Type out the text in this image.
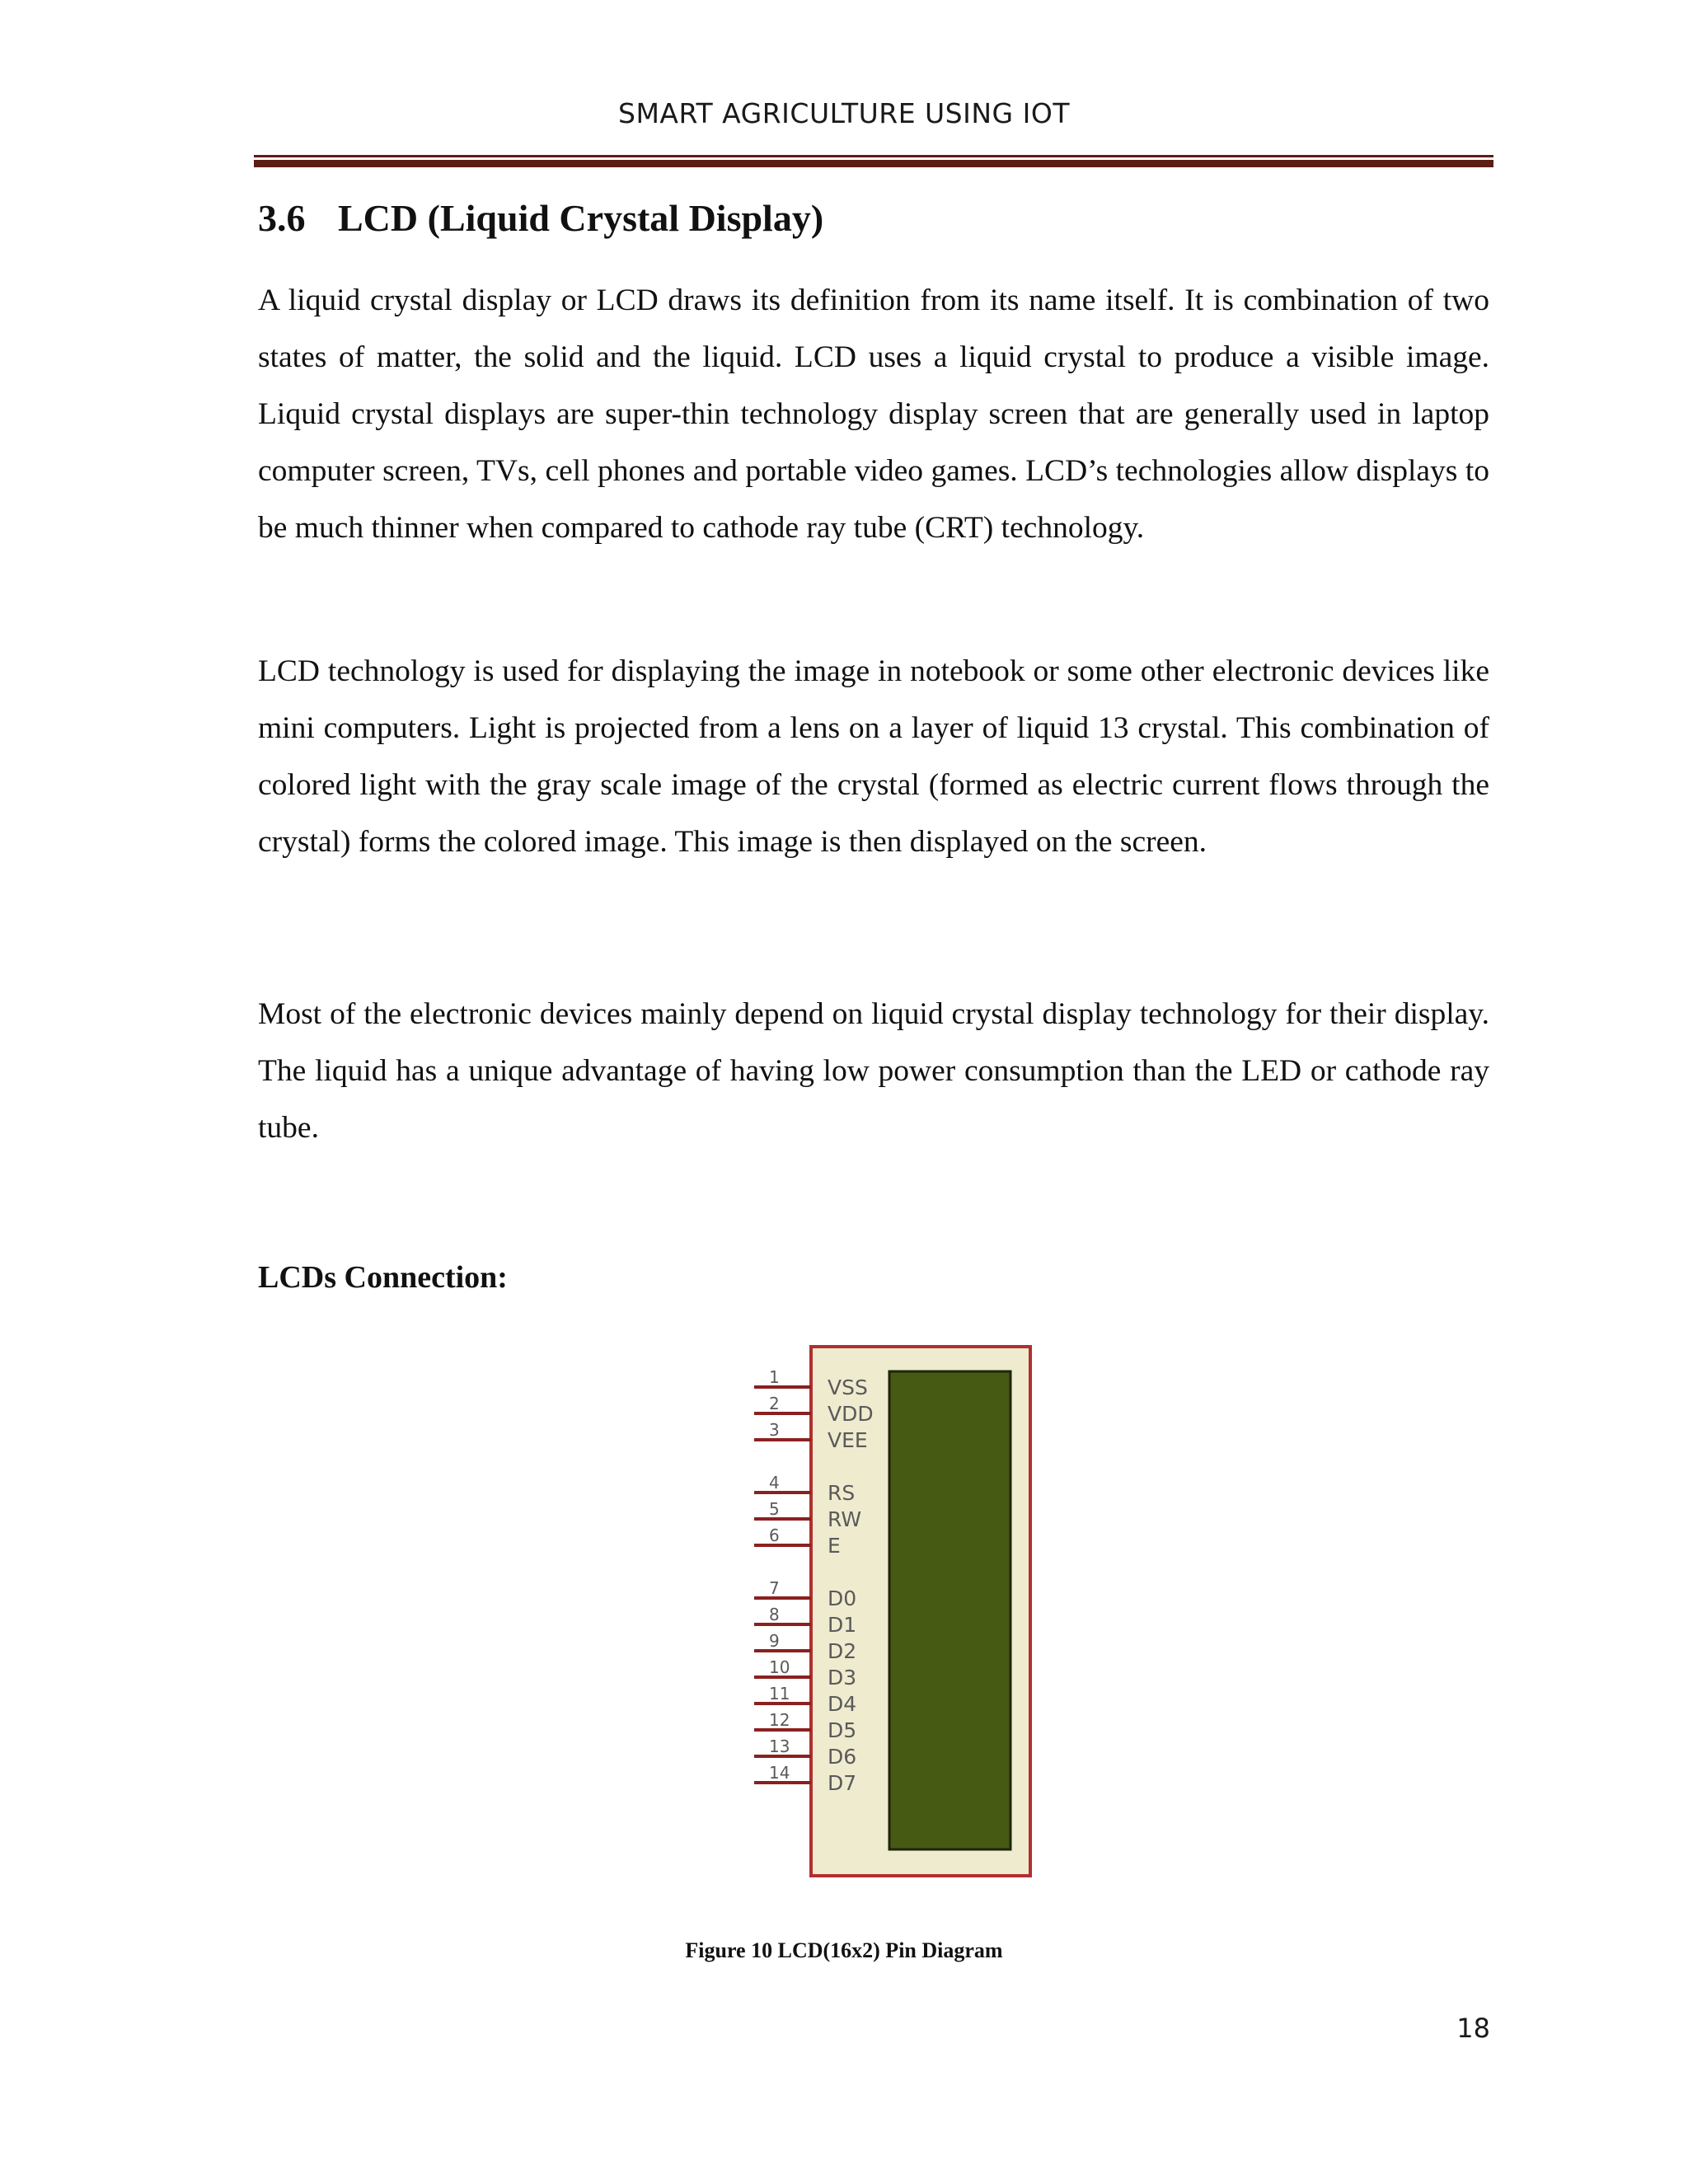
SMART AGRICULTURE USING IOT
3.6 LCD (Liquid Crystal Display)

A liquid crystal display or LCD draws its definition from its name itself. It is combination of two states of matter, the solid and the liquid. LCD uses a liquid crystal to produce a visible image. Liquid crystal displays are super-thin technology display screen that are generally used in laptop computer screen, TVs, cell phones and portable video games. LCD’s technologies allow displays to be much thinner when compared to cathode ray tube (CRT) technology.

LCD technology is used for displaying the image in notebook or some other electronic devices like mini computers. Light is projected from a lens on a layer of liquid 13 crystal. This combination of colored light with the gray scale image of the crystal (formed as electric current flows through the crystal) forms the colored image. This image is then displayed on the screen.

Most of the electronic devices mainly depend on liquid crystal display technology for their display. The liquid has a unique advantage of having low power consumption than the LED or cathode ray tube.

LCDs Connection:
1 VSS
2 VDD
3 VEE
4 RS
5 RW
6 E
7 D0
8 D1
9 D2
10 D3
11 D4
12 D5
13 D6
14 D7
Figure 10 LCD(16x2) Pin Diagram
18
